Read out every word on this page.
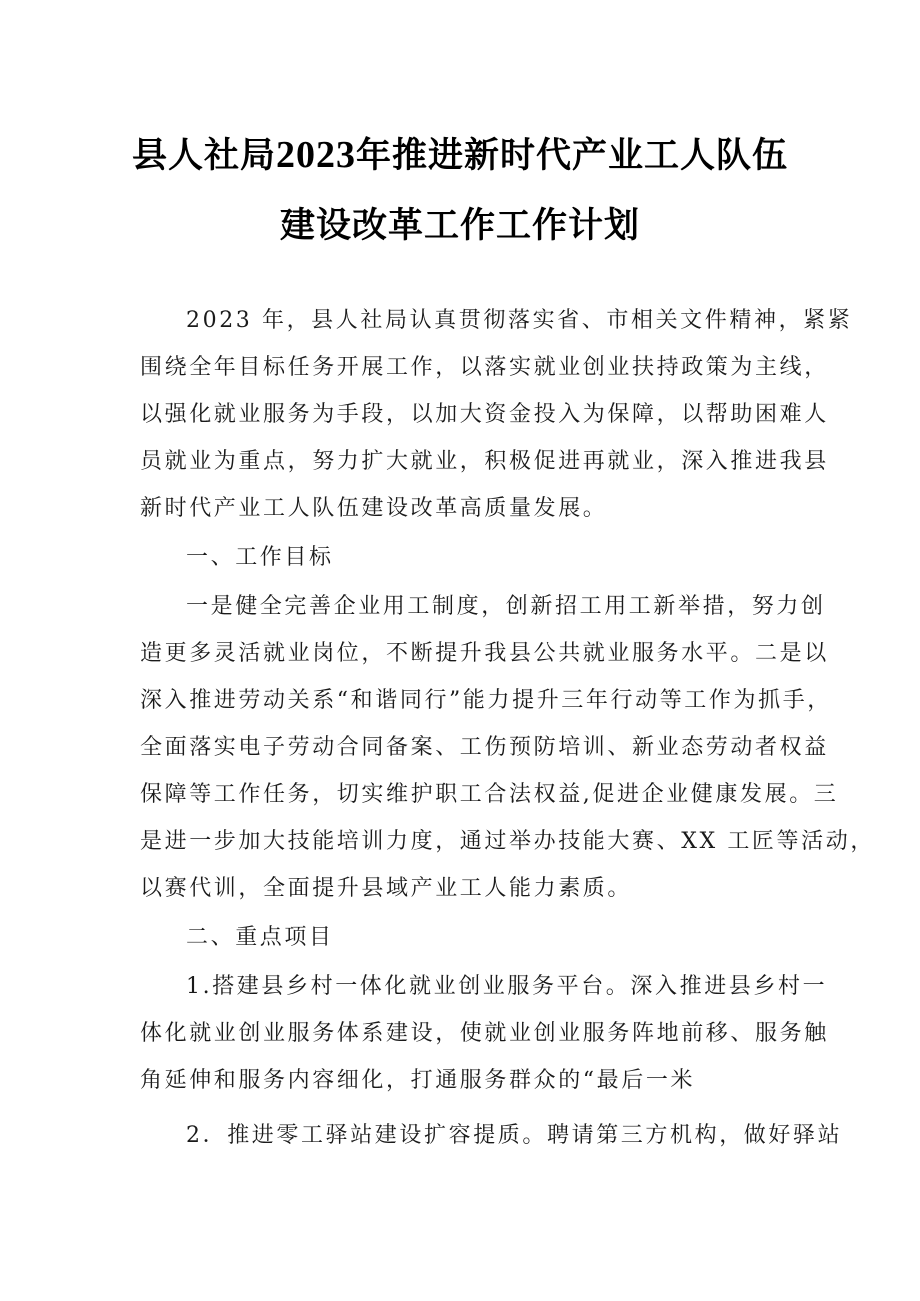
县人社局2023年推进新时代产业工人队伍
建设改革工作工作计划
2023 年，县人社局认真贯彻落实省、市相关文件精神，紧紧
围绕全年目标任务开展工作，以落实就业创业扶持政策为主线，
以强化就业服务为手段，以加大资金投入为保障，以帮助困难人
员就业为重点，努力扩大就业，积极促进再就业，深入推进我县
新时代产业工人队伍建设改革高质量发展。
一、工作目标
一是健全完善企业用工制度，创新招工用工新举措，努力创
造更多灵活就业岗位，不断提升我县公共就业服务水平。二是以
深入推进劳动关系“和谐同行”能力提升三年行动等工作为抓手，
全面落实电子劳动合同备案、工伤预防培训、新业态劳动者权益
保障等工作任务，切实维护职工合法权益,促进企业健康发展。三
是进一步加大技能培训力度，通过举办技能大赛、XX 工匠等活动，
以赛代训，全面提升县域产业工人能力素质。
二、重点项目
1.搭建县乡村一体化就业创业服务平台。深入推进县乡村一
体化就业创业服务体系建设，使就业创业服务阵地前移、服务触
角延伸和服务内容细化，打通服务群众的“最后一米
2．推进零工驿站建设扩容提质。聘请第三方机构，做好驿站
